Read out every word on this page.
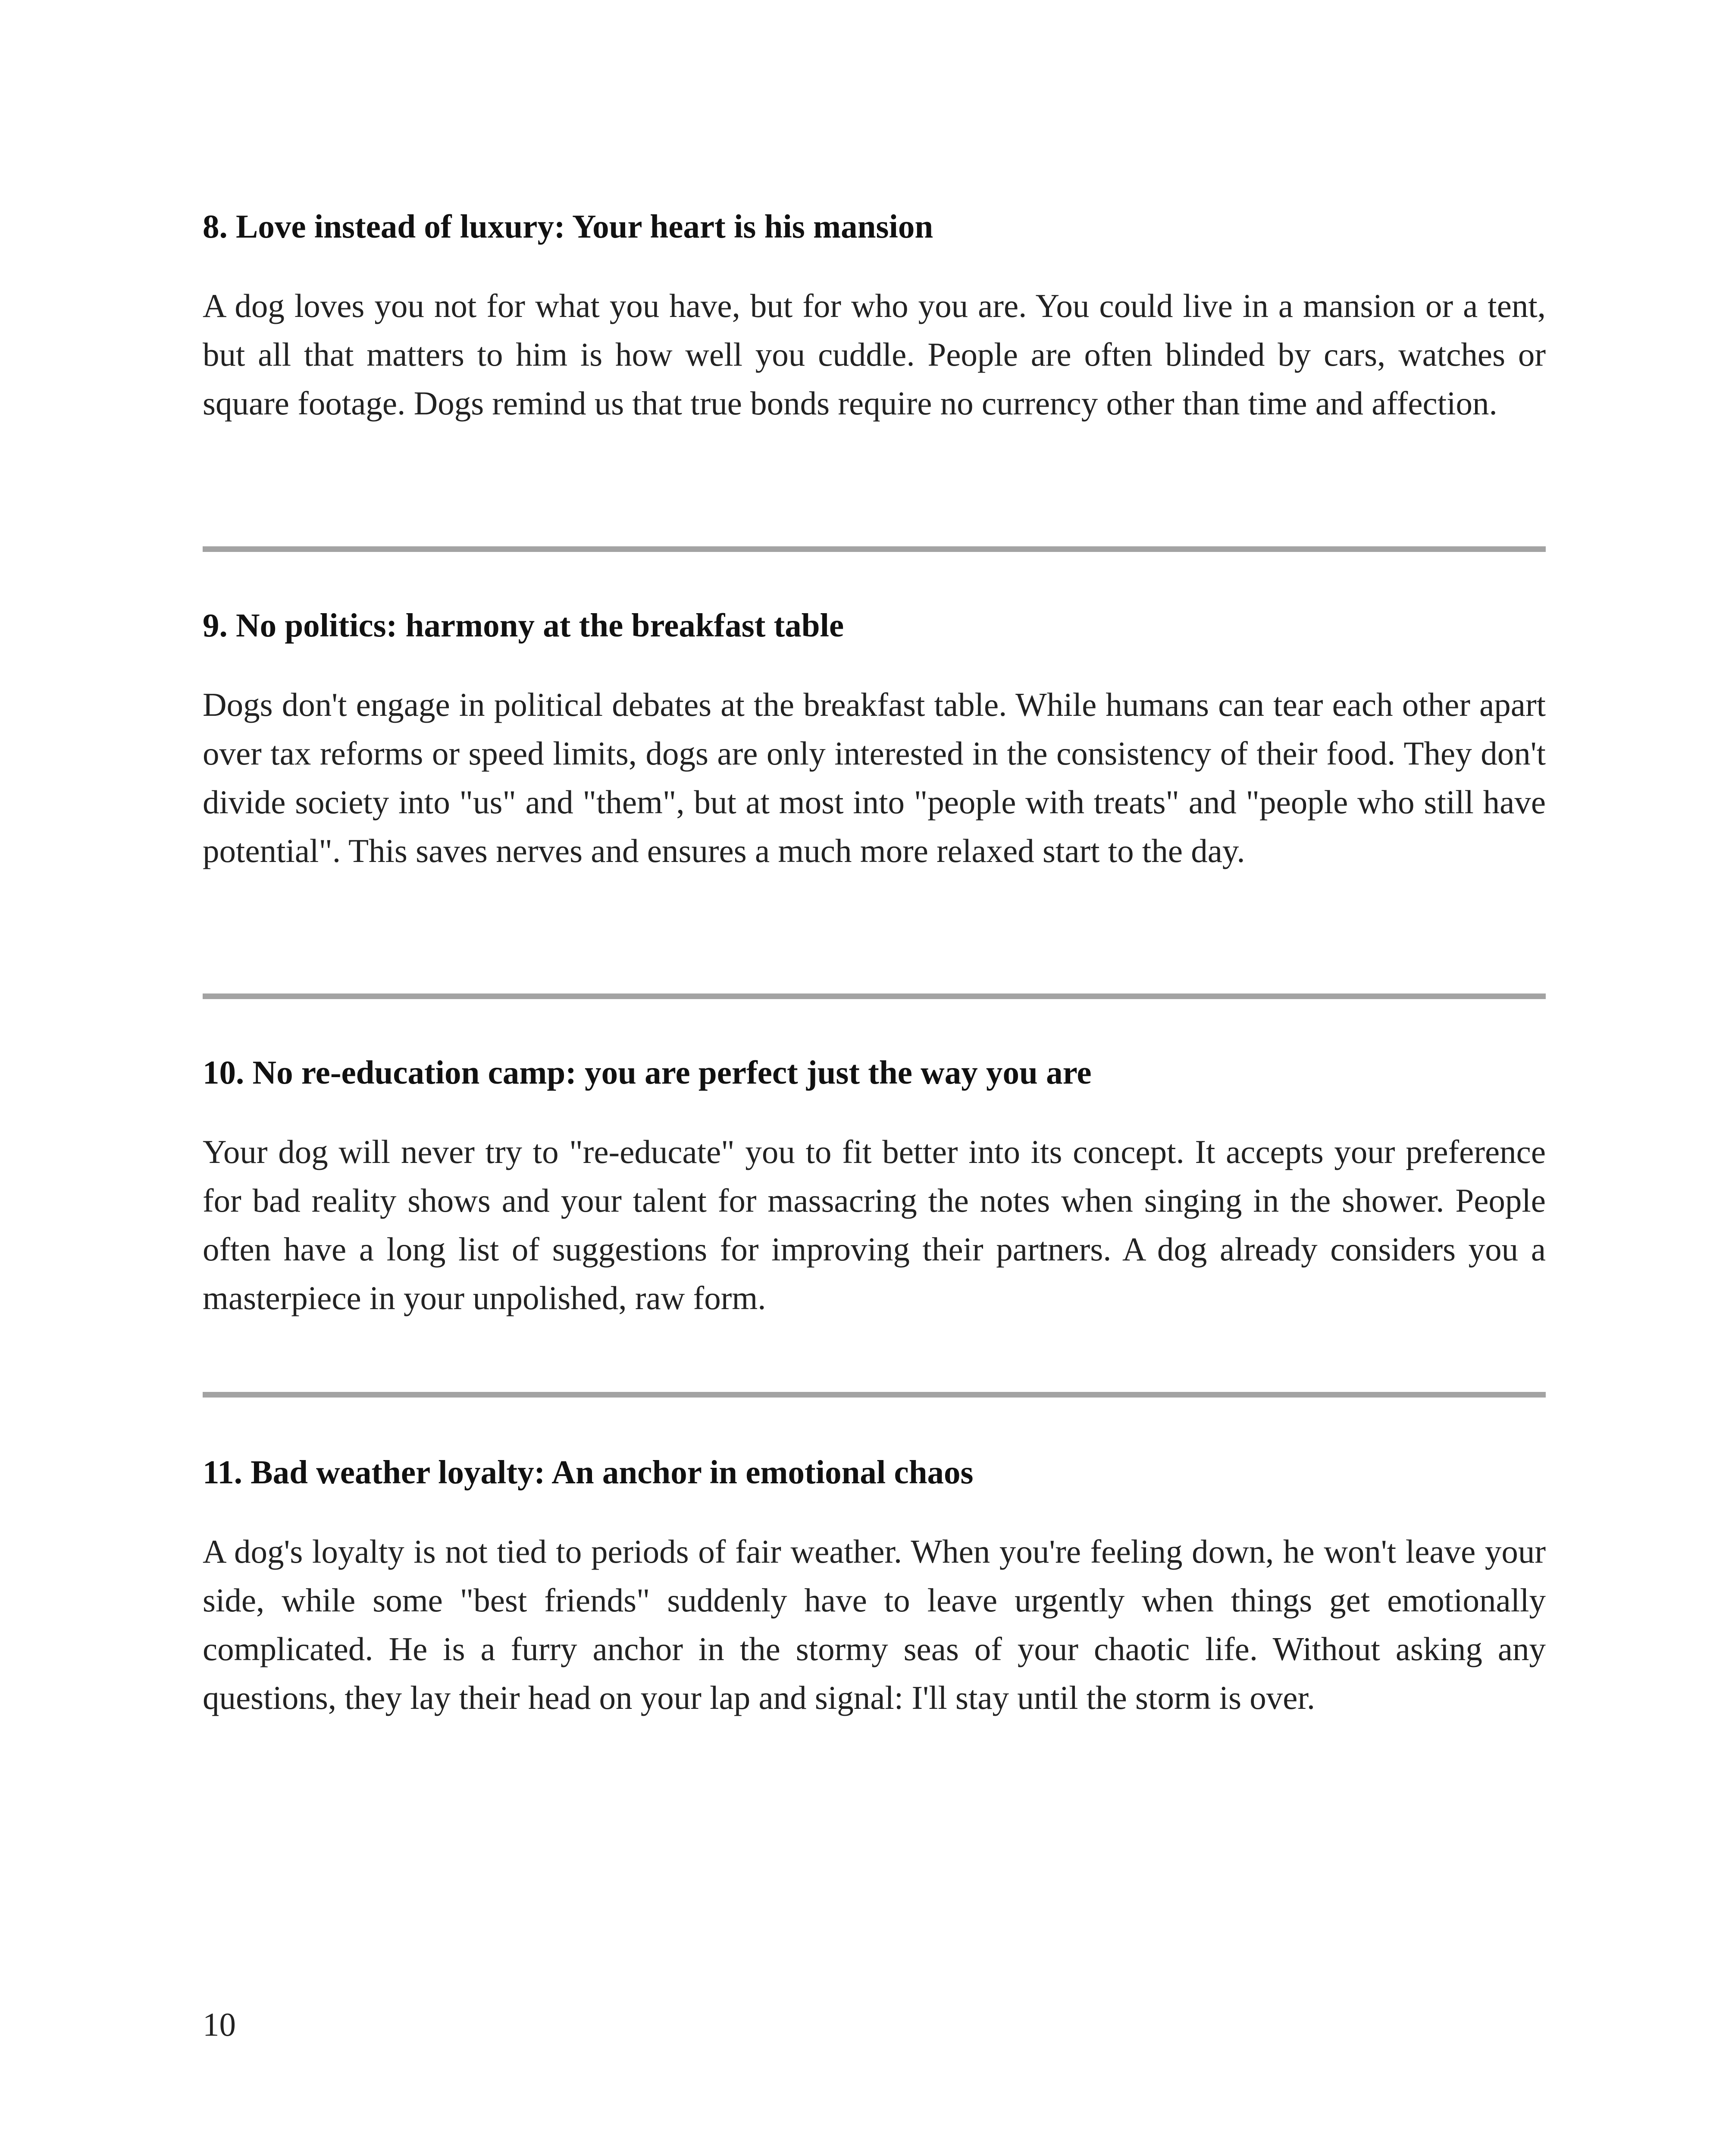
8. Love instead of luxury: Your heart is his mansion

A dog loves you not for what you have, but for who you are. You could live in a mansion or a tent, but all that matters to him is how well you cuddle. People are often blinded by cars, watches or square footage. Dogs remind us that true bonds require no currency other than time and affection.

9. No politics: harmony at the breakfast table

Dogs don't engage in political debates at the breakfast table. While humans can tear each other apart over tax reforms or speed limits, dogs are only interested in the consistency of their food. They don't divide society into "us" and "them", but at most into "people with treats" and "people who still have potential". This saves nerves and ensures a much more relaxed start to the day.

10. No re-education camp: you are perfect just the way you are

Your dog will never try to "re-educate" you to fit better into its concept. It accepts your preference for bad reality shows and your talent for massacring the notes when singing in the shower. People often have a long list of suggestions for improving their partners. A dog already considers you a masterpiece in your unpolished, raw form.

11. Bad weather loyalty: An anchor in emotional chaos

A dog's loyalty is not tied to periods of fair weather. When you're feeling down, he won't leave your side, while some "best friends" suddenly have to leave urgently when things get emotionally complicated. He is a furry anchor in the stormy seas of your chaotic life. Without asking any questions, they lay their head on your lap and signal: I'll stay until the storm is over.

10
